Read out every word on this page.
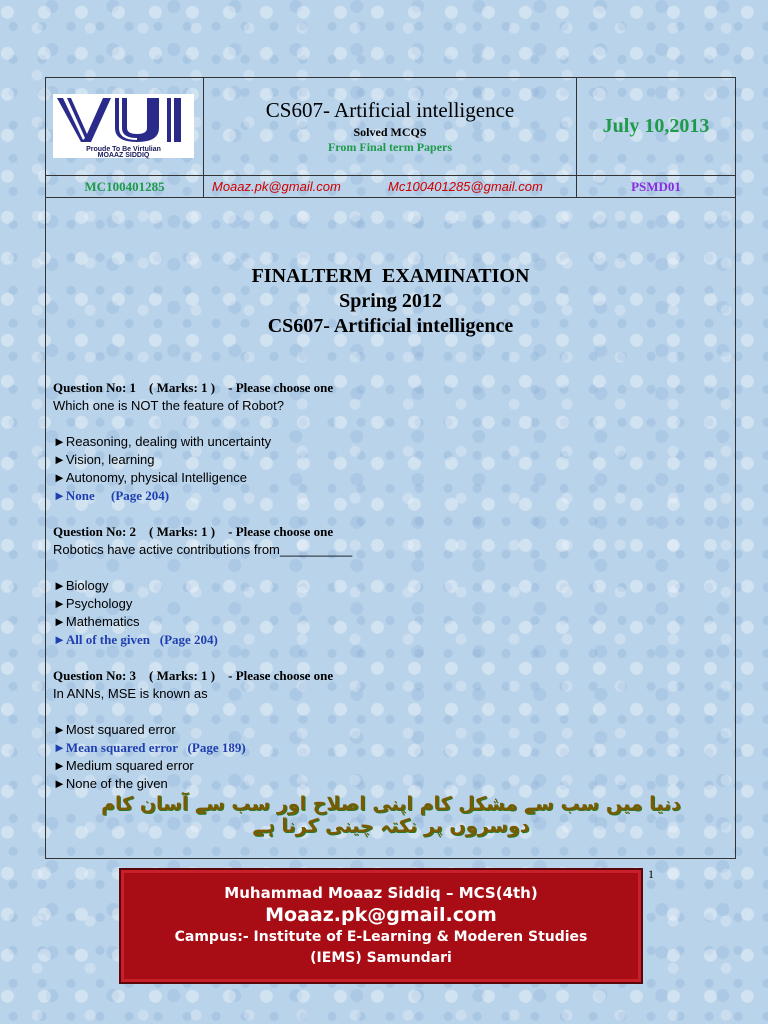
Proude To Be Virtulian
MOAAZ SIDDIQ
CS607- Artificial intelligence
Solved MCQS
From Final term Papers
July 10,2013
MC100401285	Moaaz.pk@gmail.com	Mc100401285@gmail.com	PSMD01
FINALTERM  EXAMINATION
Spring 2012
CS607- Artificial intelligence
Question No: 1    ( Marks: 1 )    - Please choose one
Which one is NOT the feature of Robot?
►Reasoning, dealing with uncertainty
►Vision, learning
►Autonomy, physical Intelligence
►None     (Page 204)
Question No: 2    ( Marks: 1 )    - Please choose one
Robotics have active contributions from__________
►Biology
►Psychology
►Mathematics
►All of the given   (Page 204)
Question No: 3    ( Marks: 1 )    - Please choose one
In ANNs, MSE is known as
►Most squared error
►Mean squared error   (Page 189)
►Medium squared error
►None of the given
دنیا میں سب سے مشکل کام اپنی اصلاح اور سب سے آسان کام دوسروں پر نکتہ چینی کرنا ہے
1
Muhammad Moaaz Siddiq – MCS(4th)
Moaaz.pk@gmail.com
Campus:- Institute of E-Learning & Moderen Studies
(IEMS) Samundari
